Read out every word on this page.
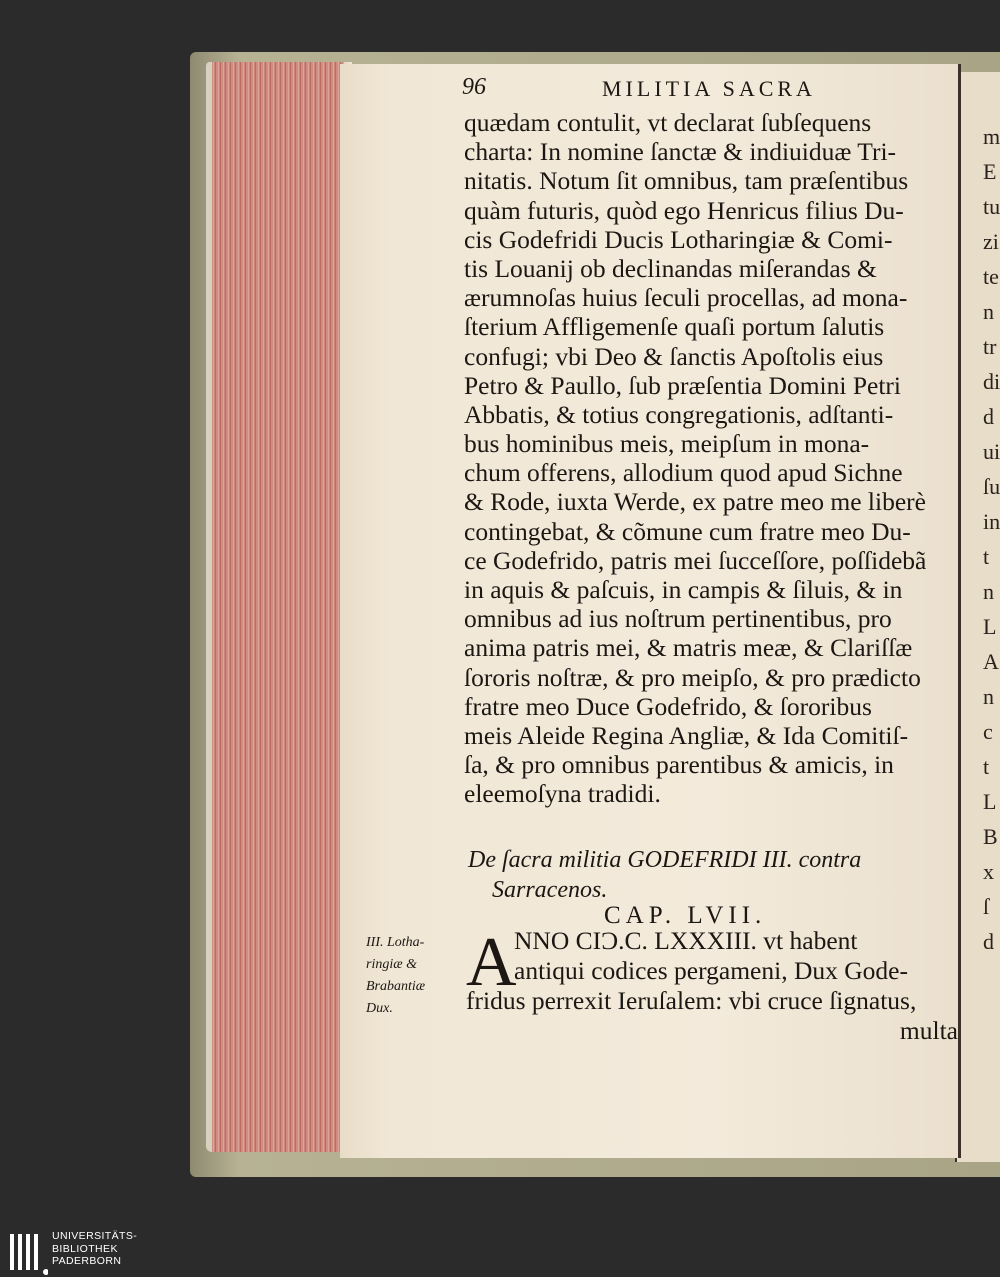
m
E
tu
zi
te
n
tr
di
d
ui
ſu
in
t
n
L
A
n
c
t
L
B
x
ſ
d
96	MILITIA SACRA
quædam contulit, vt declarat ſubſequens
charta: In nomine ſanctæ & indiuiduæ Tri-
nitatis. Notum ſit omnibus, tam præſentibus
quàm futuris, quòd ego Henricus filius Du-
cis Godefridi Ducis Lotharingiæ & Comi-
tis Louanij ob declinandas miſerandas &
ærumnoſas huius ſeculi procellas, ad mona-
ſterium Affligemenſe quaſi portum ſalutis
confugi; vbi Deo & ſanctis Apoſtolis eius
Petro & Paullo, ſub præſentia Domini Petri
Abbatis, & totius congregationis, adſtanti-
bus hominibus meis, meipſum in mona-
chum offerens, allodium quod apud Sichne
& Rode, iuxta Werde, ex patre meo me liberè
contingebat, & cõmune cum fratre meo Du-
ce Godefrido, patris mei ſucceſſore, poſſidebã
in aquis & paſcuis, in campis & ſiluis, & in
omnibus ad ius noſtrum pertinentibus, pro
anima patris mei, & matris meæ, & Clariſſæ
ſororis noſtræ, & pro meipſo, & pro prædicto
fratre meo Duce Godefrido, & ſororibus
meis Aleide Regina Angliæ, & Ida Comitiſ-
ſa, & pro omnibus parentibus & amicis, in
eleemoſyna tradidi.
De ſacra militia GODEFRIDI III. contra
Sarracenos.
CAP. LVII.
A
NNO CIƆ.C. LXXXIII. vt habent
antiqui codices pergameni, Dux Gode-
fridus perrexit Ieruſalem: vbi cruce ſignatus,
multa
III. Lotha-
ringiæ &
Brabantiæ
Dux.
UNIVERSITÄTS-
BIBLIOTHEK
PADERBORN
